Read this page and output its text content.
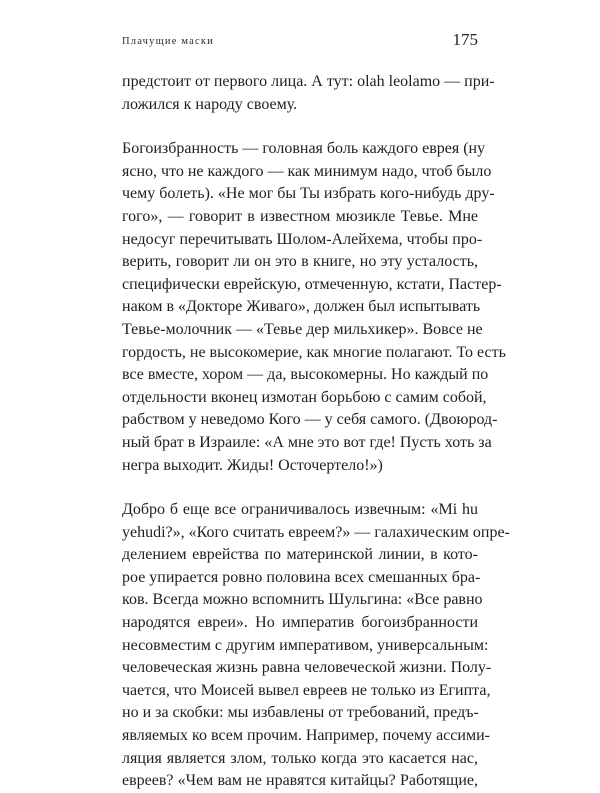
Плачущие маски	175

предстоит от первого лица. А тут: olah leolamo — при-
ложился к народу своему.

Богоизбранность — головная боль каждого еврея (ну
ясно, что не каждого — как минимум надо, чтоб было
чему болеть). «Не мог бы Ты избрать кого-нибудь дру-
гого», — говорит в известном мюзикле Тевье. Мне
недосуг перечитывать Шолом-Алейхема, чтобы про-
верить, говорит ли он это в книге, но эту усталость,
специфически еврейскую, отмеченную, кстати, Пастер-
наком в «Докторе Живаго», должен был испытывать
Тевье-молочник — «Тевье дер мильхикер». Вовсе не
гордость, не высокомерие, как многие полагают. То есть
все вместе, хором — да, высокомерны. Но каждый по
отдельности вконец измотан борьбою с самим собой,
рабством у неведомо Кого — у себя самого. (Двоюрод-
ный брат в Израиле: «А мне это вот где! Пусть хоть за
негра выходит. Жиды! Осточертело!»)

Добро б еще все ограничивалось извечным: «Mi hu
yehudi?», «Кого считать евреем?» — галахическим опре-
делением еврейства по материнской линии, в кото-
рое упирается ровно половина всех смешанных бра-
ков. Всегда можно вспомнить Шульгина: «Все равно
народятся евреи». Но императив богоизбранности
несовместим с другим императивом, универсальным:
человеческая жизнь равна человеческой жизни. Полу-
чается, что Моисей вывел евреев не только из Египта,
но и за скобки: мы избавлены от требований, предъ-
являемых ко всем прочим. Например, почему ассими-
ляция является злом, только когда это касается нас,
евреев? «Чем вам не нравятся китайцы? Работящие,
